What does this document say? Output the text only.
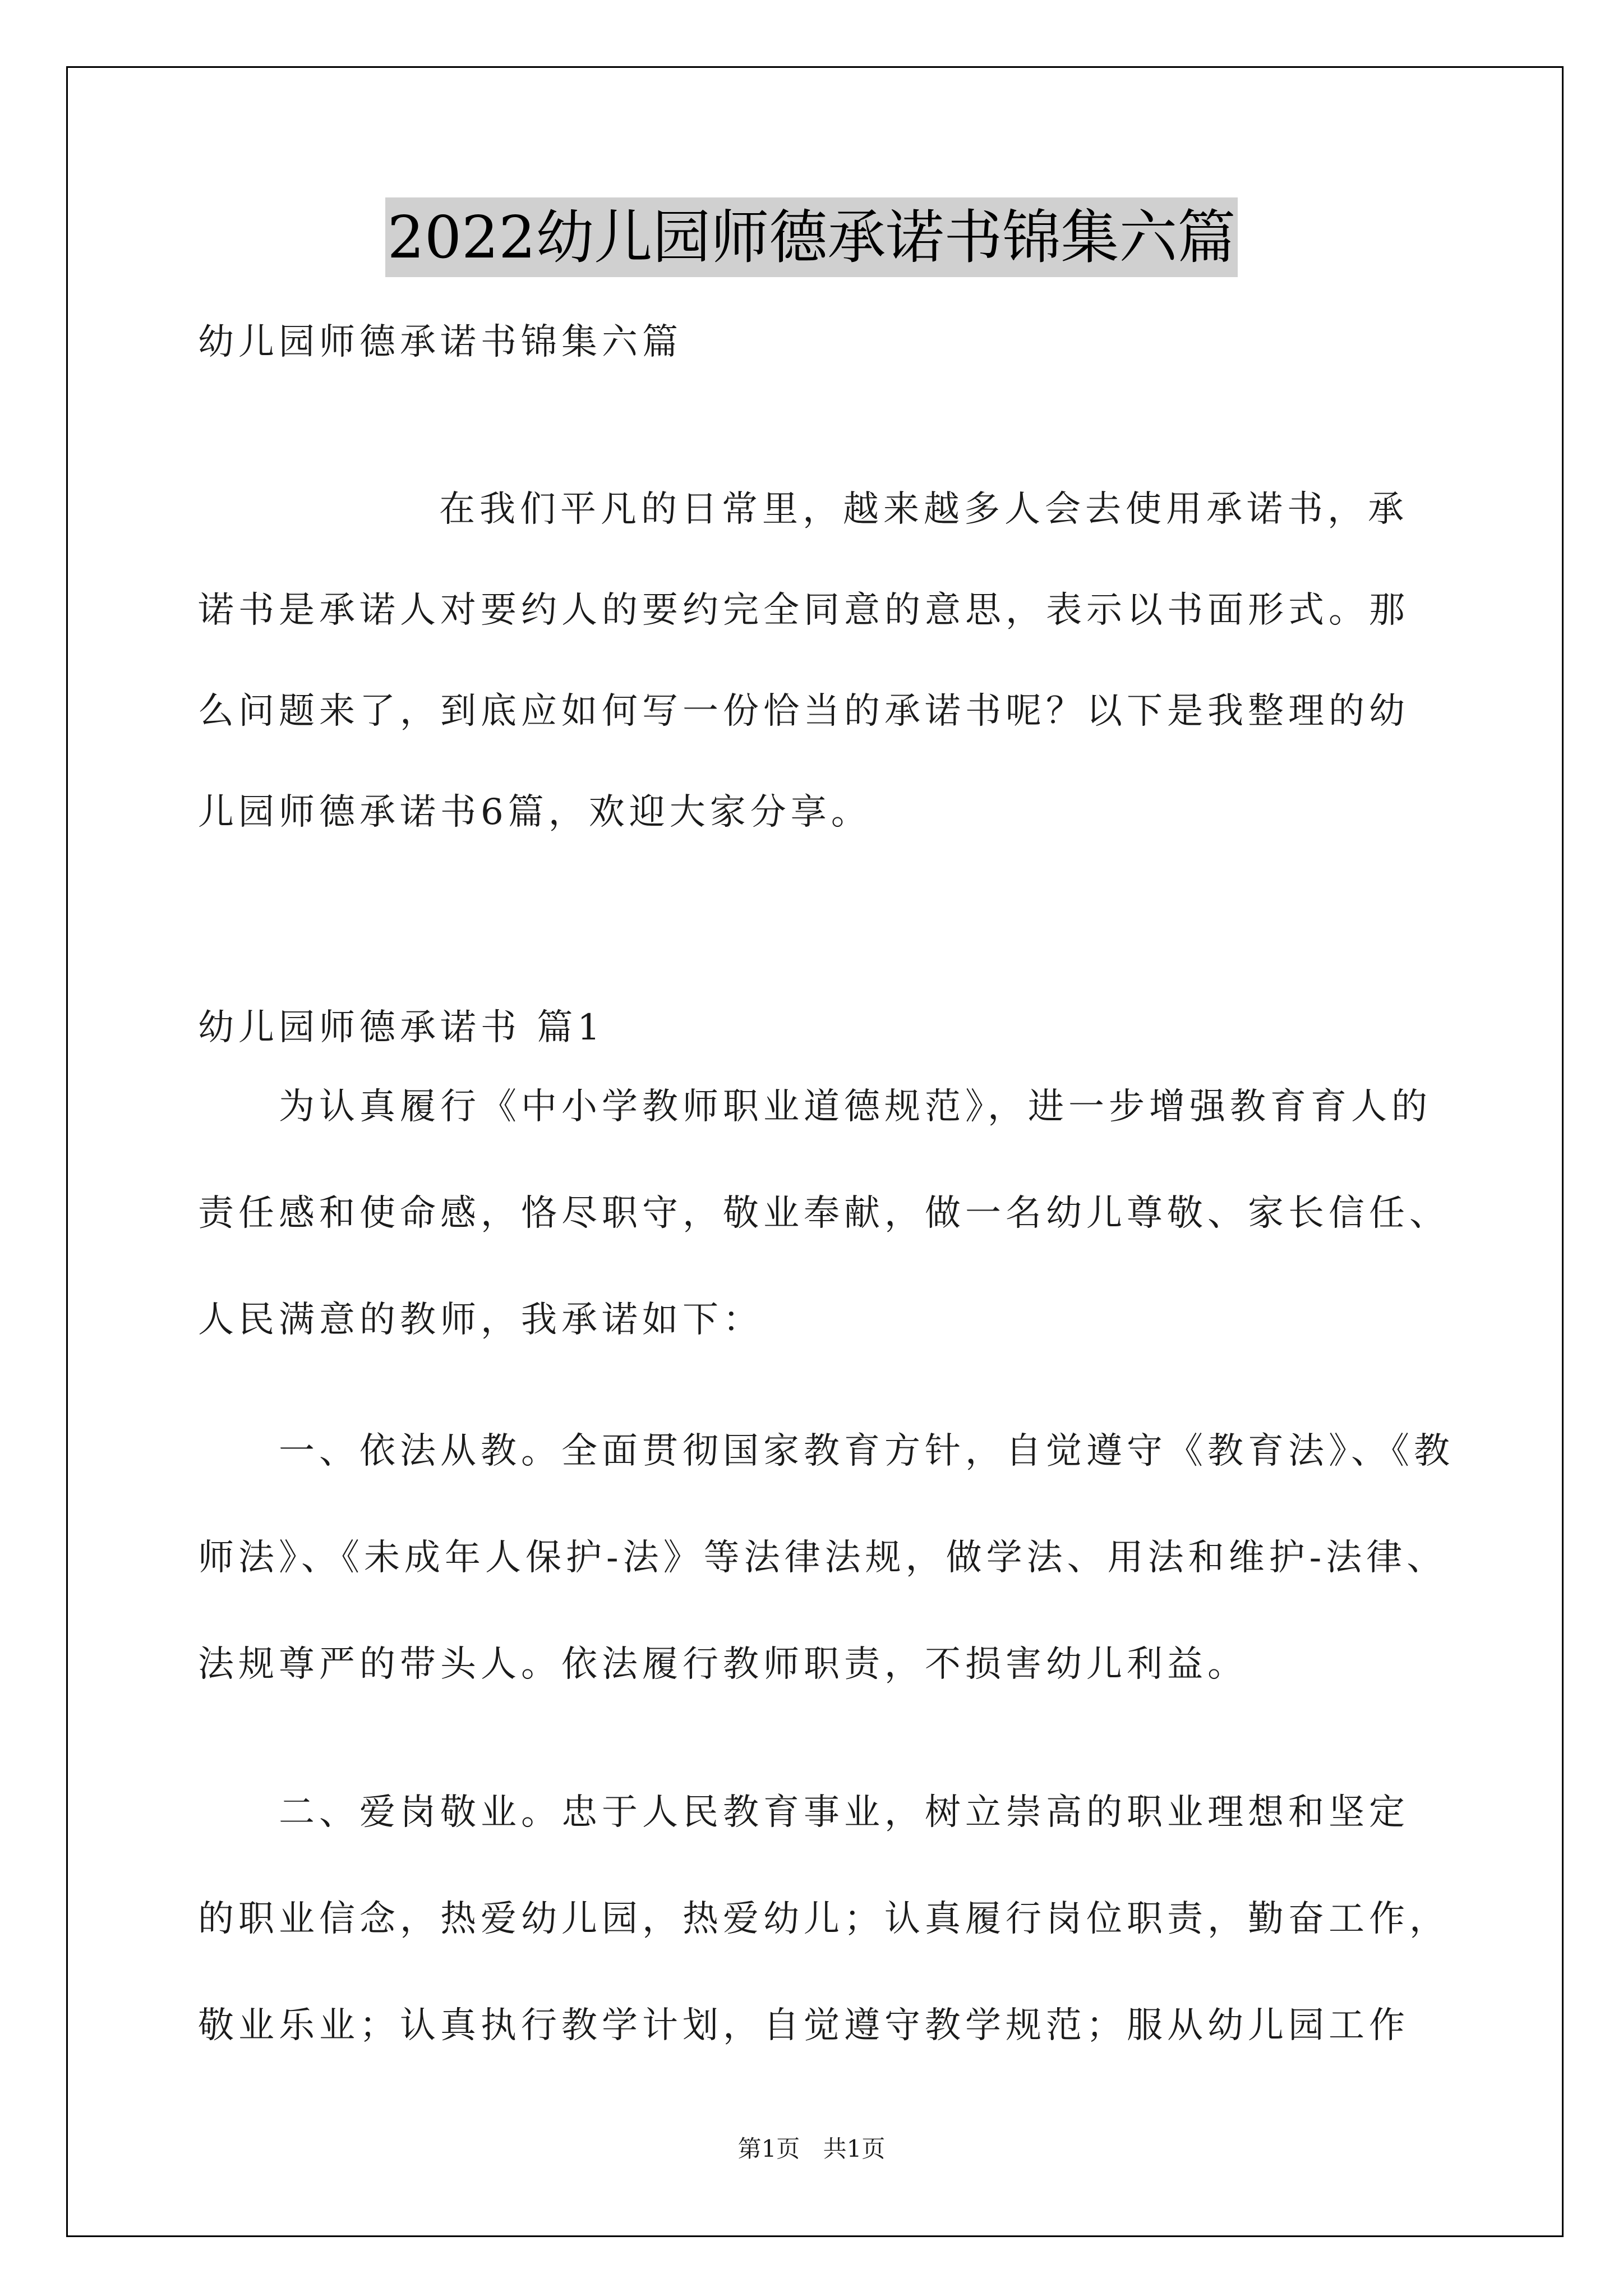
2022幼儿园师德承诺书锦集六篇
幼儿园师德承诺书锦集六篇
在我们平凡的日常里，越来越多人会去使用承诺书，承
诺书是承诺人对要约人的要约完全同意的意思，表示以书面形式。那
么问题来了，到底应如何写一份恰当的承诺书呢？以下是我整理的幼
儿园师德承诺书6篇，欢迎大家分享。
幼儿园师德承诺书 篇1
为认真履行《中小学教师职业道德规范》，进一步增强教育育人的
责任感和使命感，恪尽职守，敬业奉献，做一名幼儿尊敬、家长信任、
人民满意的教师，我承诺如下：
一、依法从教。全面贯彻国家教育方针，自觉遵守《教育法》、《教
师法》、《未成年人保护-法》等法律法规，做学法、用法和维护-法律、
法规尊严的带头人。依法履行教师职责，不损害幼儿利益。
二、爱岗敬业。忠于人民教育事业，树立崇高的职业理想和坚定
的职业信念，热爱幼儿园，热爱幼儿；认真履行岗位职责，勤奋工作，
敬业乐业；认真执行教学计划，自觉遵守教学规范；服从幼儿园工作
第1页 共1页
